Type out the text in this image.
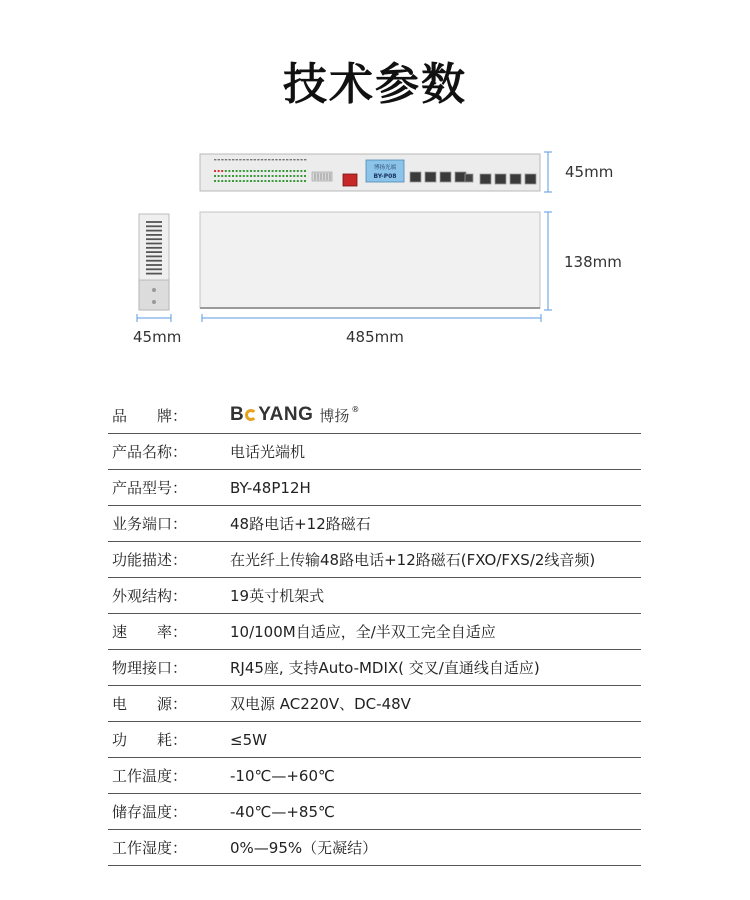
技术参数
博扬光端
BY-P08	45mm
138mm
45mm	485mm
品　　牌：	B YANG 博扬 ®
产品名称：	电话光端机
产品型号：	BY-48P12H
业务端口：	48路电话+12路磁石
功能描述：	在光纤上传输48路电话+12路磁石(FXO/FXS/2线音频)
外观结构：	19英寸机架式
速　　率：	10/100M自适应，全/半双工完全自适应
物理接口：	RJ45座, 支持Auto-MDIX( 交叉/直通线自适应)
电　　源：	双电源 AC220V、DC-48V
功　　耗：	≤5W
工作温度：	-10℃—+60℃
储存温度：	-40℃—+85℃
工作湿度：	0%—95%（无凝结）
